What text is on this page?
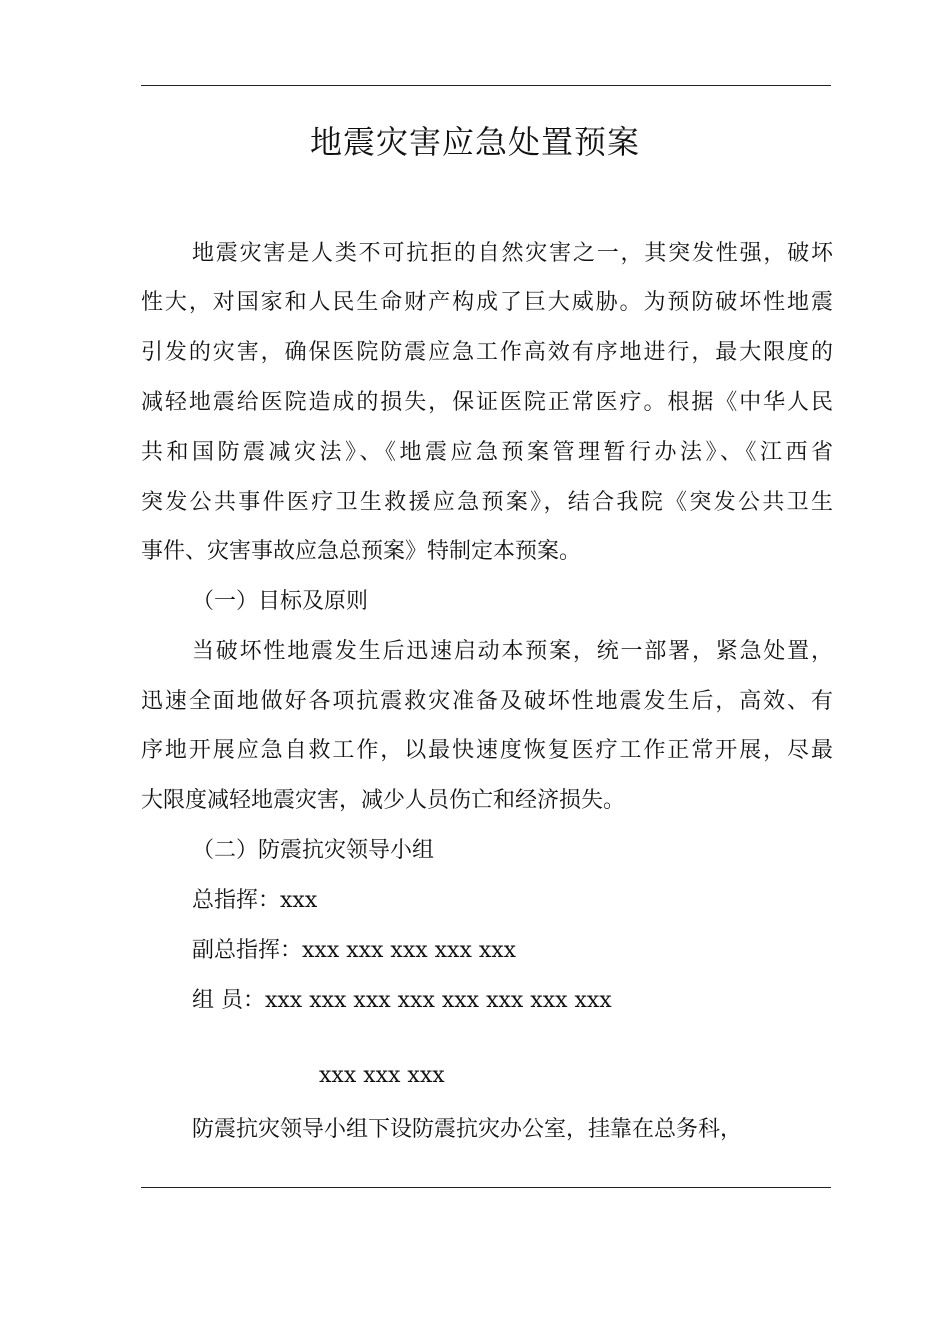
地震灾害应急处置预案
地震灾害是人类不可抗拒的自然灾害之一，其突发性强，破坏
性大，对国家和人民生命财产构成了巨大威胁。为预防破坏性地震
引发的灾害，确保医院防震应急工作高效有序地进行，最大限度的
减轻地震给医院造成的损失，保证医院正常医疗。根据《中华人民
共和国防震减灾法》、《地震应急预案管理暂行办法》、《江西省
突发公共事件医疗卫生救援应急预案》，结合我院《突发公共卫生
事件、灾害事故应急总预案》特制定本预案。
（一）目标及原则
当破坏性地震发生后迅速启动本预案，统一部署，紧急处置，
迅速全面地做好各项抗震救灾准备及破坏性地震发生后，高效、有
序地开展应急自救工作，以最快速度恢复医疗工作正常开展，尽最
大限度减轻地震灾害，减少人员伤亡和经济损失。
（二）防震抗灾领导小组
总指挥：xxx
副总指挥：xxx xxx xxx xxx xxx
组 员：xxx xxx xxx xxx xxx xxx xxx xxx
xxx xxx xxx
防震抗灾领导小组下设防震抗灾办公室，挂靠在总务科，
